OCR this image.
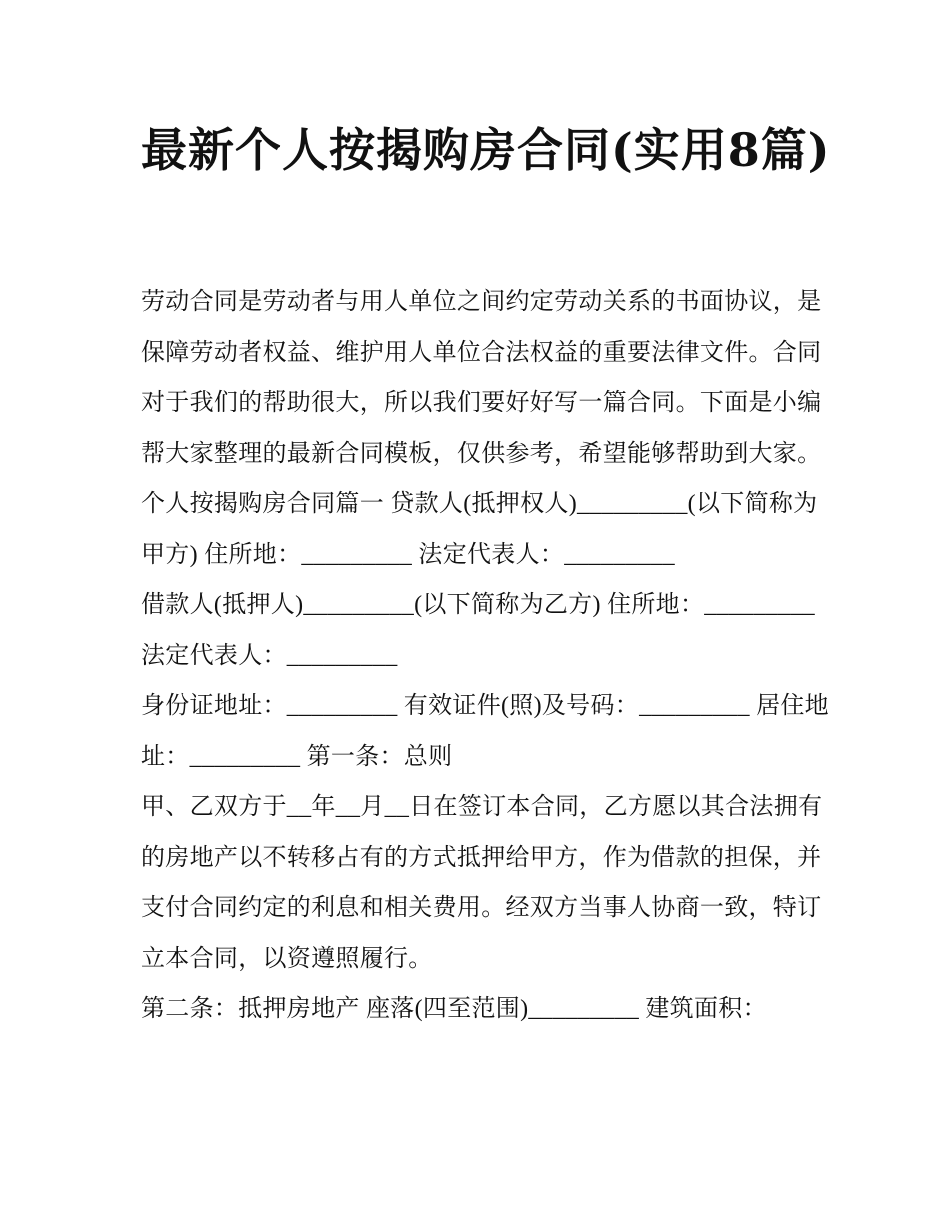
最新个人按揭购房合同(实用8篇)

劳动合同是劳动者与用人单位之间约定劳动关系的书面协议，是保障劳动者权益、维护用人单位合法权益的重要法律文件。合同对于我们的帮助很大，所以我们要好好写一篇合同。下面是小编帮大家整理的最新合同模板，仅供参考，希望能够帮助到大家。

个人按揭购房合同篇一 贷款人(抵押权人)_________(以下简称为甲方) 住所地：_________ 法定代表人：_________

借款人(抵押人)_________(以下简称为乙方) 住所地：_________ 法定代表人：_________

身份证地址：_________ 有效证件(照)及号码：_________ 居住地址：_________ 第一条：总则

甲、乙双方于__年__月__日在签订本合同，乙方愿以其合法拥有的房地产以不转移占有的方式抵押给甲方，作为借款的担保，并支付合同约定的利息和相关费用。经双方当事人协商一致，特订立本合同，以资遵照履行。

第二条：抵押房地产 座落(四至范围)_________ 建筑面积：
